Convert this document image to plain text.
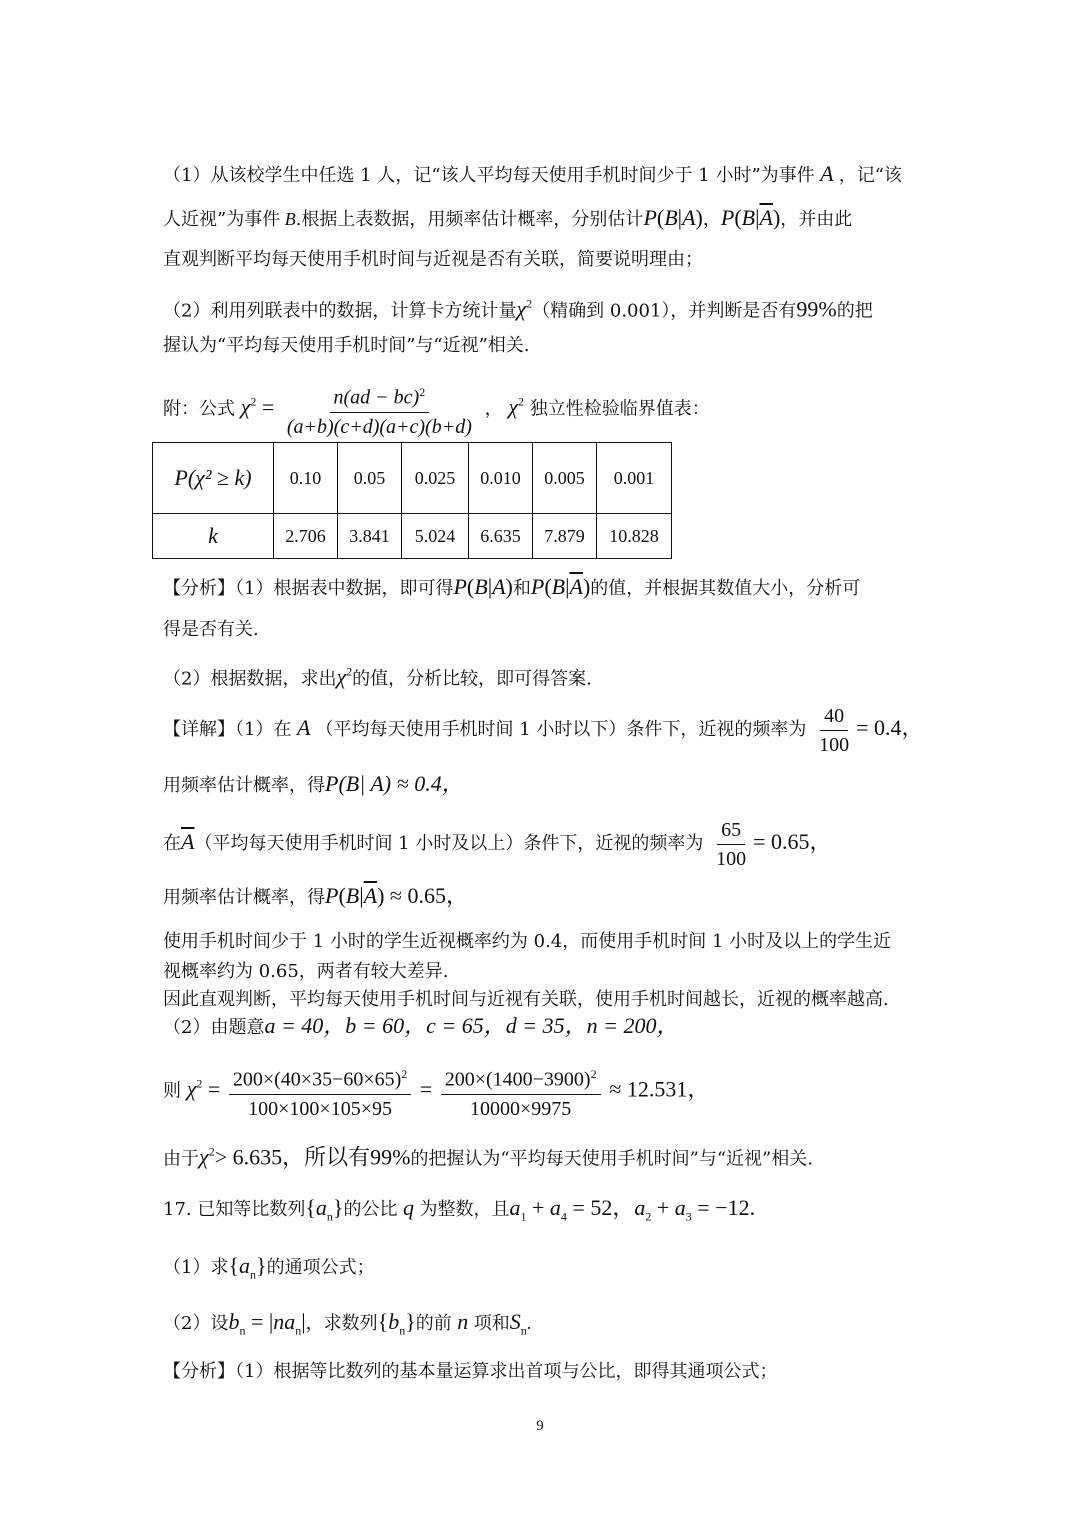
（1）从该校学生中任选 1 人，记“该人平均每天使用手机时间少于 1 小时”为事件 A ，记“该
人近视”为事件 B.根据上表数据，用频率估计概率，分别估计P(B|A)，$P(B|\overline{A})$，并由此
直观判断平均每天使用手机时间与近视是否有关联，简要说明理由；
（2）利用列联表中的数据，计算卡方统计量$\chi^2$（精确到 0.001），并判断是否有99%的把
握认为“平均每天使用手机时间”与“近视”相关.
附：公式 $\chi^2 = \frac{n(ad - bc)^2}{(a+b)(c+d)(a+c)(b+d)}$ ， $\chi^2$ 独立性检验临界值表：
P(χ² ≥ k)	0.10	0.05	0.025	0.010	0.005	0.001
k	2.706	3.841	5.024	6.635	7.879	10.828
【分析】（1）根据表中数据，即可得P(B|A)和$P(B|\overline{A})$的值，并根据其数值大小，分析可
得是否有关.
（2）根据数据，求出$\chi^2$的值，分析比较，即可得答案.
【详解】（1）在 A （平均每天使用手机时间 1 小时以下）条件下，近视的频率为 $\frac{40}{100} = 0.4$，
用频率估计概率，得P(B| A) ≈ 0.4，
在$\overline{A}$（平均每天使用手机时间 1 小时及以上）条件下，近视的频率为 $\frac{65}{100} = 0.65$，
用频率估计概率，得$P(B|\overline{A}) \approx 0.65$，
使用手机时间少于 1 小时的学生近视概率约为 0.4，而使用手机时间 1 小时及以上的学生近
视概率约为 0.65，两者有较大差异.
因此直观判断，平均每天使用手机时间与近视有关联，使用手机时间越长，近视的概率越高.
（2）由题意a = 40，b = 60，c = 65，d = 35，n = 200，
则 $\chi^2 = \frac{200\times(40\times 35-60\times 65)^2}{100\times 100\times 105\times 95} = \frac{200\times(1400-3900)^2}{10000\times 9975} \approx 12.531$，
由于$\chi^2> 6.635$，所以有99%的把握认为“平均每天使用手机时间”与“近视”相关.
17. 已知等比数列$\{a_n\}$的公比 q 为整数，且$a_1 + a_4 = 52$，$a_2 + a_3 = -12$.
（1）求$\{a_n\}$的通项公式；
（2）设$b_n = |na_n|$，求数列$\{b_n\}$的前 n 项和$S_n$.
【分析】（1）根据等比数列的基本量运算求出首项与公比，即得其通项公式；
9
